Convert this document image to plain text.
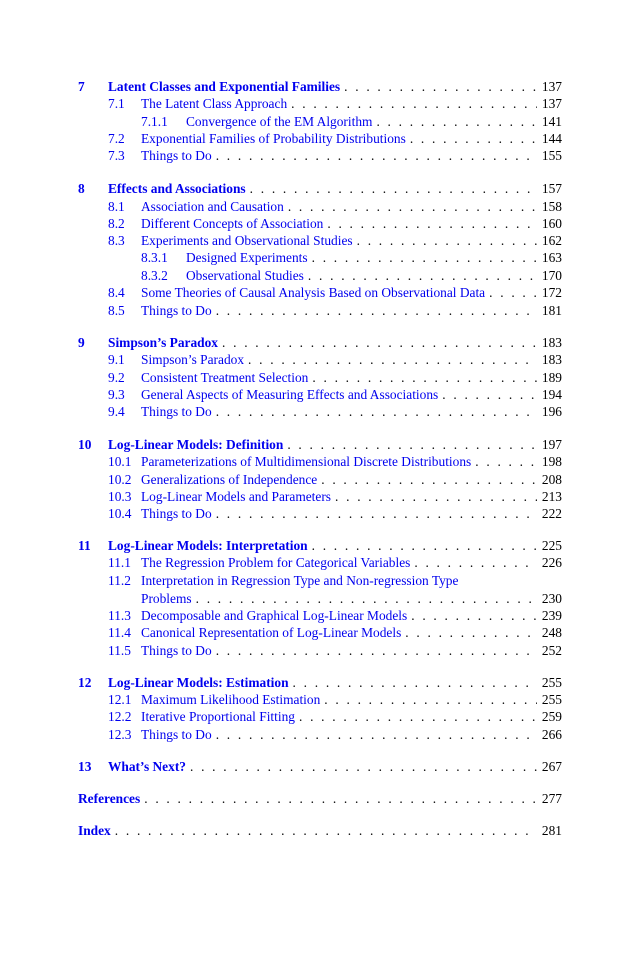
7 Latent Classes and Exponential Families . . .	137
7.1 The Latent Class Approach . . .	137
7.1.1 Convergence of the EM Algorithm . . .	141
7.2 Exponential Families of Probability Distributions . . .	144
7.3 Things to Do . . .	155
8 Effects and Associations . . .	157
8.1 Association and Causation . . .	158
8.2 Different Concepts of Association . . .	160
8.3 Experiments and Observational Studies . . .	162
8.3.1 Designed Experiments . . .	163
8.3.2 Observational Studies . . .	170
8.4 Some Theories of Causal Analysis Based on Observational Data . . .	172
8.5 Things to Do . . .	181
9 Simpson’s Paradox . . .	183
9.1 Simpson’s Paradox . . .	183
9.2 Consistent Treatment Selection . . .	189
9.3 General Aspects of Measuring Effects and Associations . . .	194
9.4 Things to Do . . .	196
10 Log-Linear Models: Definition . . .	197
10.1 Parameterizations of Multidimensional Discrete Distributions . . .	198
10.2 Generalizations of Independence . . .	208
10.3 Log-Linear Models and Parameters . . .	213
10.4 Things to Do . . .	222
11 Log-Linear Models: Interpretation . . .	225
11.1 The Regression Problem for Categorical Variables . . .	226
11.2 Interpretation in Regression Type and Non-regression Type
Problems . . .	230
11.3 Decomposable and Graphical Log-Linear Models . . .	239
11.4 Canonical Representation of Log-Linear Models . . .	248
11.5 Things to Do . . .	252
12 Log-Linear Models: Estimation . . .	255
12.1 Maximum Likelihood Estimation . . .	255
12.2 Iterative Proportional Fitting . . .	259
12.3 Things to Do . . .	266
13 What’s Next? . . .	267
References . . .	277
Index . . .	281
